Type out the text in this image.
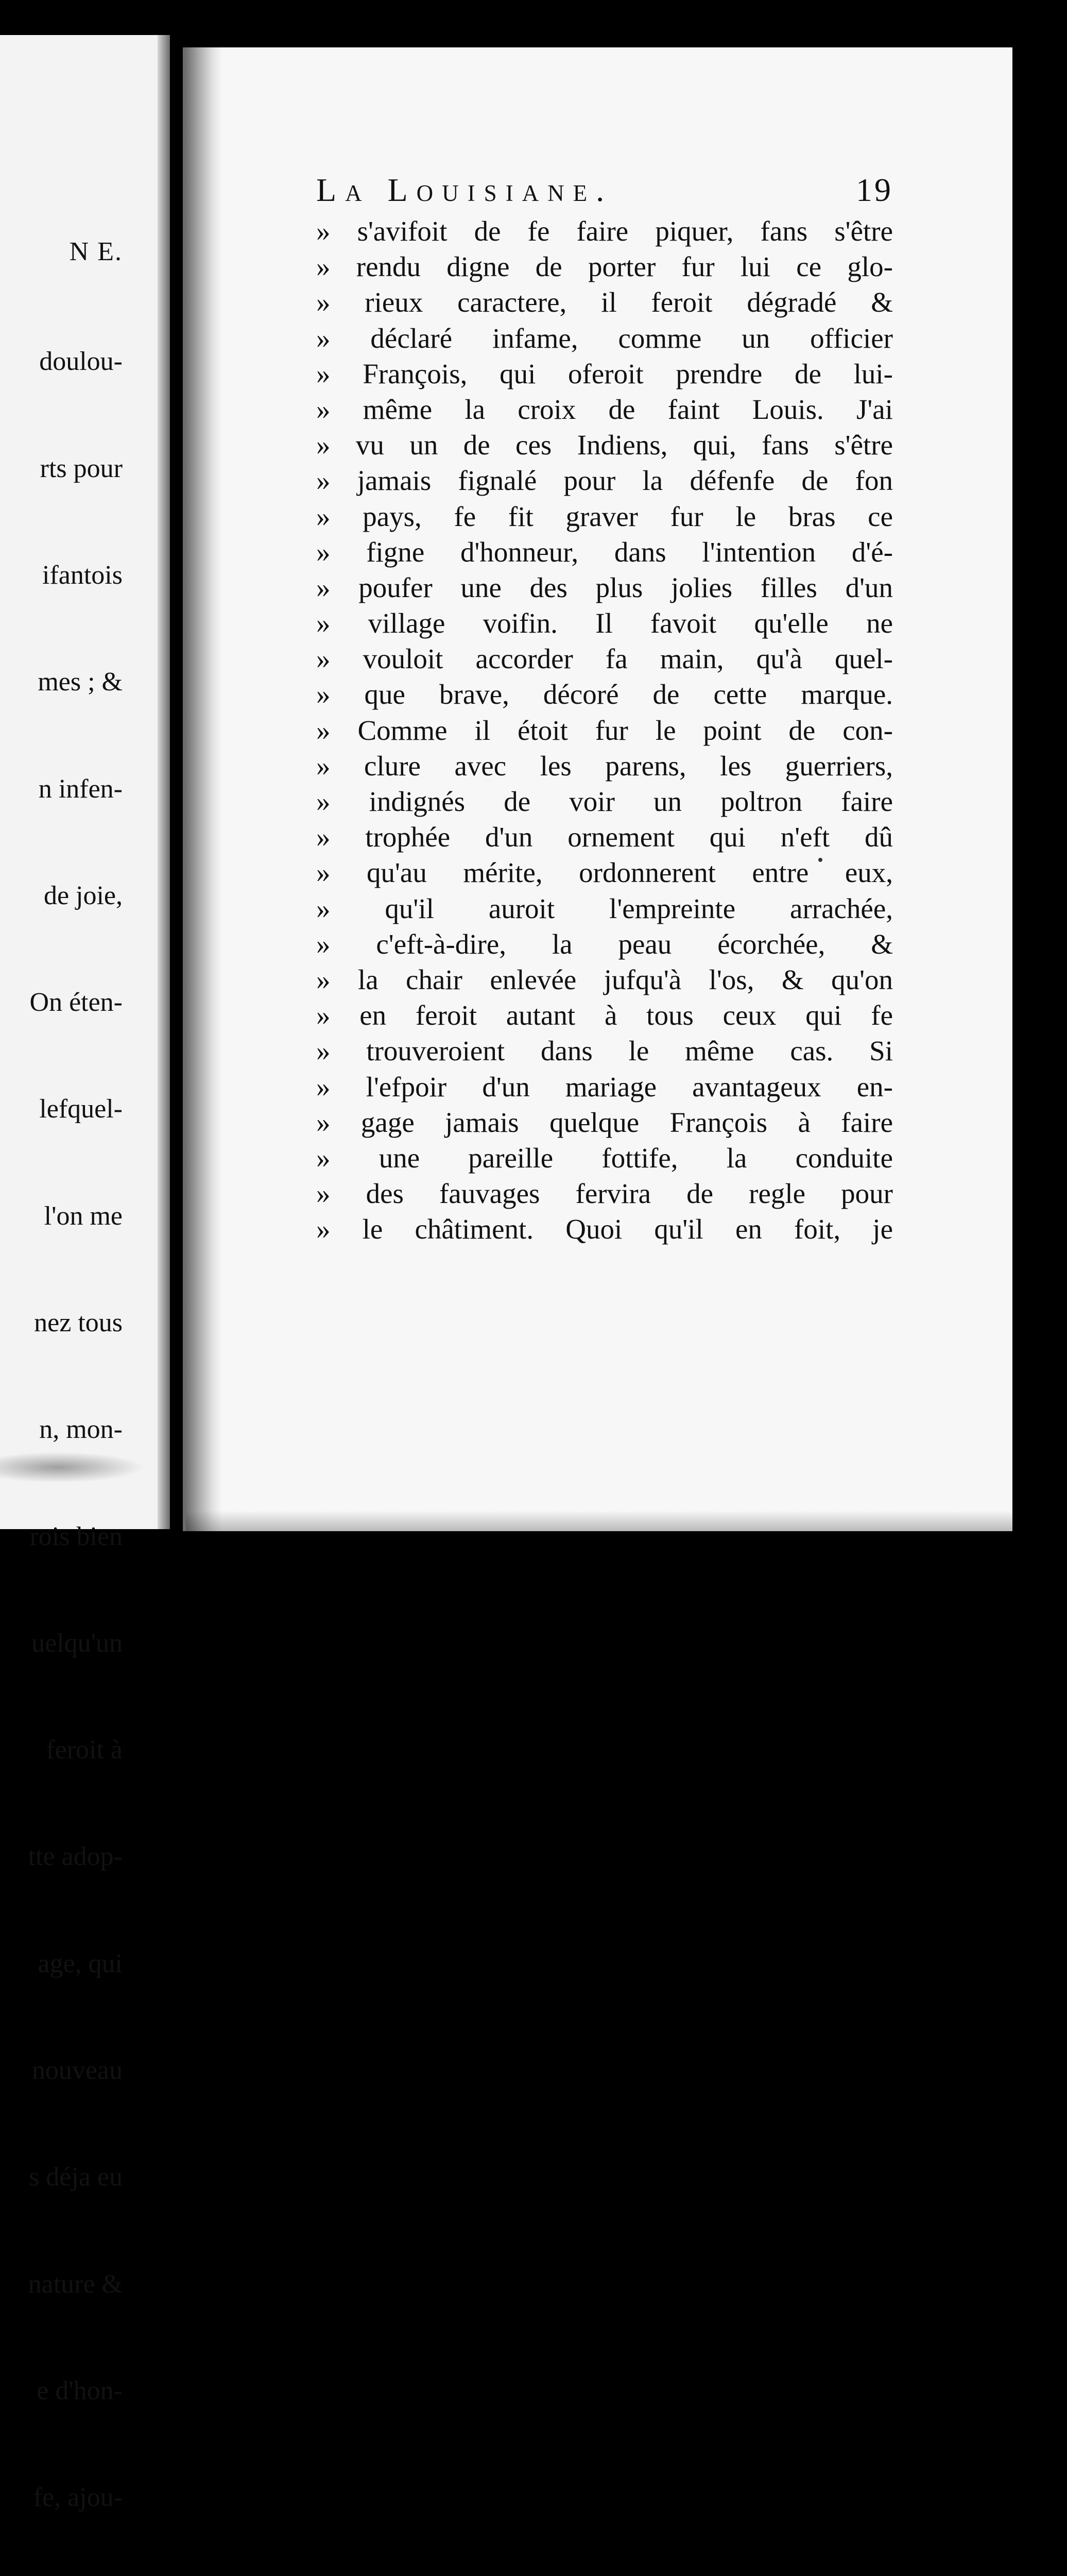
N E.

doulou-

rts pour

ifantois

mes ; &

n infen-

de joie,

On éten-

lefquel-

l'on me

nez tous

n, mon-

rois bien

uelqu'un

feroit à

tte adop-

age, qui

nouveau

s déja eu

nature &

e d'hon-

fe, ajou-

La Louisiane.	19
» s'avifoit de fe faire piquer, fans s'être
» rendu digne de porter fur lui ce glo-
» rieux caractere, il feroit dégradé &
» déclaré infame, comme un officier
» François, qui oferoit prendre de lui-
» même la croix de faint Louis. J'ai
» vu un de ces Indiens, qui, fans s'être
» jamais fignalé pour la défenfe de fon
» pays, fe fit graver fur le bras ce
» figne d'honneur, dans l'intention d'é-
» poufer une des plus jolies filles d'un
» village voifin. Il favoit qu'elle ne
» vouloit accorder fa main, qu'à quel-
» que brave, décoré de cette marque.
» Comme il étoit fur le point de con-
» clure avec les parens, les guerriers,
» indignés de voir un poltron faire
» trophée d'un ornement qui n'eft dû
» qu'au mérite, ordonnerent entre eux,
» qu'il auroit l'empreinte arrachée,
» c'eft-à-dire, la peau écorchée, &
» la chair enlevée jufqu'à l'os, & qu'on
» en feroit autant à tous ceux qui fe
» trouveroient dans le même cas. Si
» l'efpoir d'un mariage avantageux en-
» gage jamais quelque François à faire
» une pareille fottife, la conduite
» des fauvages fervira de regle pour
» le châtiment. Quoi qu'il en foit, je
